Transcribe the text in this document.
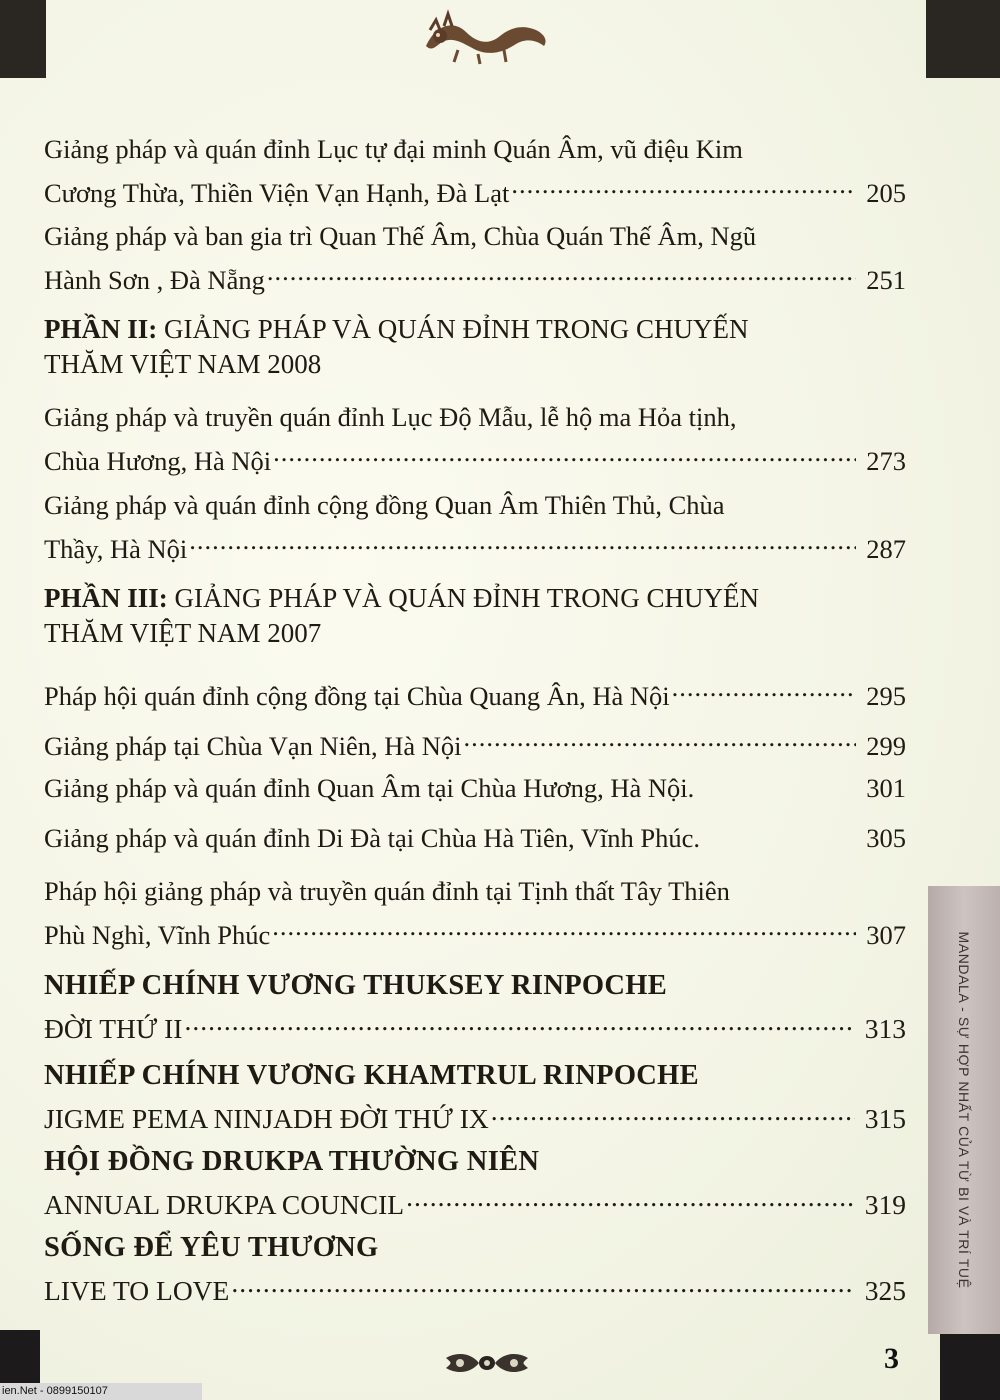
MANDALA - SỰ HỢP NHẤT CỦA TỪ BI VÀ TRÍ TUỆ
Giảng pháp và quán đỉnh Lục tự đại minh Quán Âm, vũ điệu Kim
Cương Thừa, Thiền Viện Vạn Hạnh, Đà Lạt .....	205
Giảng pháp và ban gia trì Quan Thế Âm, Chùa Quán Thế Âm, Ngũ
Hành Sơn , Đà Nẵng .....	251
PHẦN II: GIẢNG PHÁP VÀ QUÁN ĐỈNH TRONG CHUYẾN
THĂM VIỆT NAM 2008
Giảng pháp và truyền quán đỉnh Lục Độ Mẫu, lễ hộ ma Hỏa tịnh,
Chùa Hương, Hà Nội .....	273
Giảng pháp và quán đỉnh cộng đồng Quan Âm Thiên Thủ, Chùa
Thầy, Hà Nội .....	287
PHẦN III: GIẢNG PHÁP VÀ QUÁN ĐỈNH TRONG CHUYẾN
THĂM VIỆT NAM 2007
Pháp hội quán đỉnh cộng đồng tại Chùa Quang Ân, Hà Nội .....	295
Giảng pháp tại Chùa Vạn Niên, Hà Nội .....	299
Giảng pháp và quán đỉnh Quan Âm tại Chùa Hương, Hà Nội.	301
Giảng pháp và quán đỉnh Di Đà tại Chùa Hà Tiên, Vĩnh Phúc.	305
Pháp hội giảng pháp và truyền quán đỉnh tại Tịnh thất Tây Thiên
Phù Nghì, Vĩnh Phúc .....	307
NHIẾP CHÍNH VƯƠNG THUKSEY RINPOCHE
ĐỜI THỨ II .....	313
NHIẾP CHÍNH VƯƠNG KHAMTRUL RINPOCHE
JIGME PEMA NINJADH ĐỜI THỨ IX .....	315
HỘI ĐỒNG DRUKPA THƯỜNG NIÊN
ANNUAL DRUKPA COUNCIL .....	319
SỐNG ĐỂ YÊU THƯƠNG
LIVE TO LOVE .....	325
3
ien.Net - 0899150107
